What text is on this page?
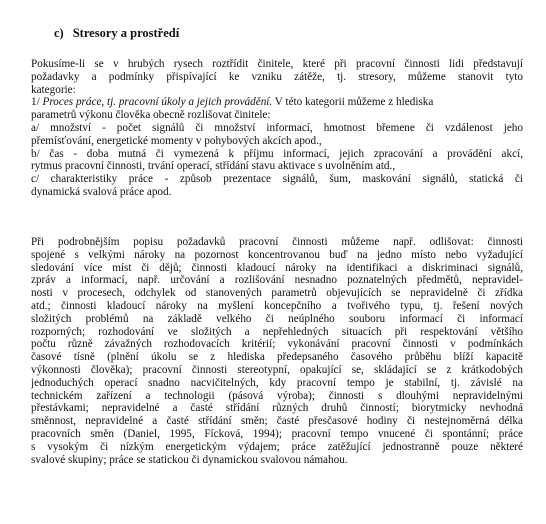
c) Stresory a prostředí
Pokusíme-li se v hrubých rysech roztřídit činitele, které při pracovní činnosti lidi představují
požadavky a podmínky přispívající ke vzniku zátěže, tj. stresory, můžeme stanovit tyto
kategorie:
1/ Proces práce, tj. pracovní úkoly a jejich provádění. V této kategorii můžeme z hlediska
parametrů výkonu člověka obecně rozlišovat činitele:
a/ množství - počet signálů či množství informací, hmotnost břemene či vzdálenost jeho
přemísťování, energetické momenty v pohybových akcích apod.,
b/ čas - doba mutná či vymezená k příjmu informací, jejich zpracování a provádění akcí,
rytmus pracovní činnosti, trvání operací, střídání stavu aktivace s uvolněním atd.,
c/ charakteristiky práce - způsob prezentace signálů, šum, maskování signálů, statická či
dynamická svalová práce apod.
Při podrobnějším popisu požadavků pracovní činnosti můžeme např. odlišovat: činnosti
spojené s velkými nároky na pozornost koncentrovanou buď na jedno místo nebo vyžadující
sledování více míst či dějů; činnosti kladoucí nároky na identifikaci a diskriminaci signálů,
zpráv a informací, např. určování a rozlišování nesnadno poznatelných předmětů, nepravidel-
nosti v procesech, odchylek od stanovených parametrů objevujících se nepravidelně či zřídka
atd.; činnosti kladoucí nároky na myšlení koncepčního a tvořivého typu, tj. řešení nových
složitých problémů na základě velkého či neúplného souboru informací či informací
rozporných; rozhodování ve složitých a nepřehledných situacích při respektování většího
počtu různě závažných rozhodovacích kritérií; vykonávání pracovní činnosti v podmínkách
časové tísně (plnění úkolu se z hlediska předepsaného časového průběhu blíží kapacitě
výkonnosti člověka); pracovní činnosti stereotypní, opakující se, skládající se z krátkodobých
jednoduchých operací snadno nacvičitelných, kdy pracovní tempo je stabilní, tj. závislé na
technickém zařízení a technologii (pásová výroba); činnosti s dlouhými nepravidelnými
přestávkami; nepravidelné a časté střídání různých druhů činností; biorytmicky nevhodná
směnnost, nepravidelné a časté střídání směn; časté přesčasové hodiny či nestejnoměrná délka
pracovních směn (Daniel, 1995, Fícková, 1994); pracovní tempo vnucené či spontánní; práce
s vysokým či nízkým energetickým výdajem; práce zatěžující jednostranně pouze některé
svalové skupiny; práce se statickou či dynamickou svalovou námahou.
